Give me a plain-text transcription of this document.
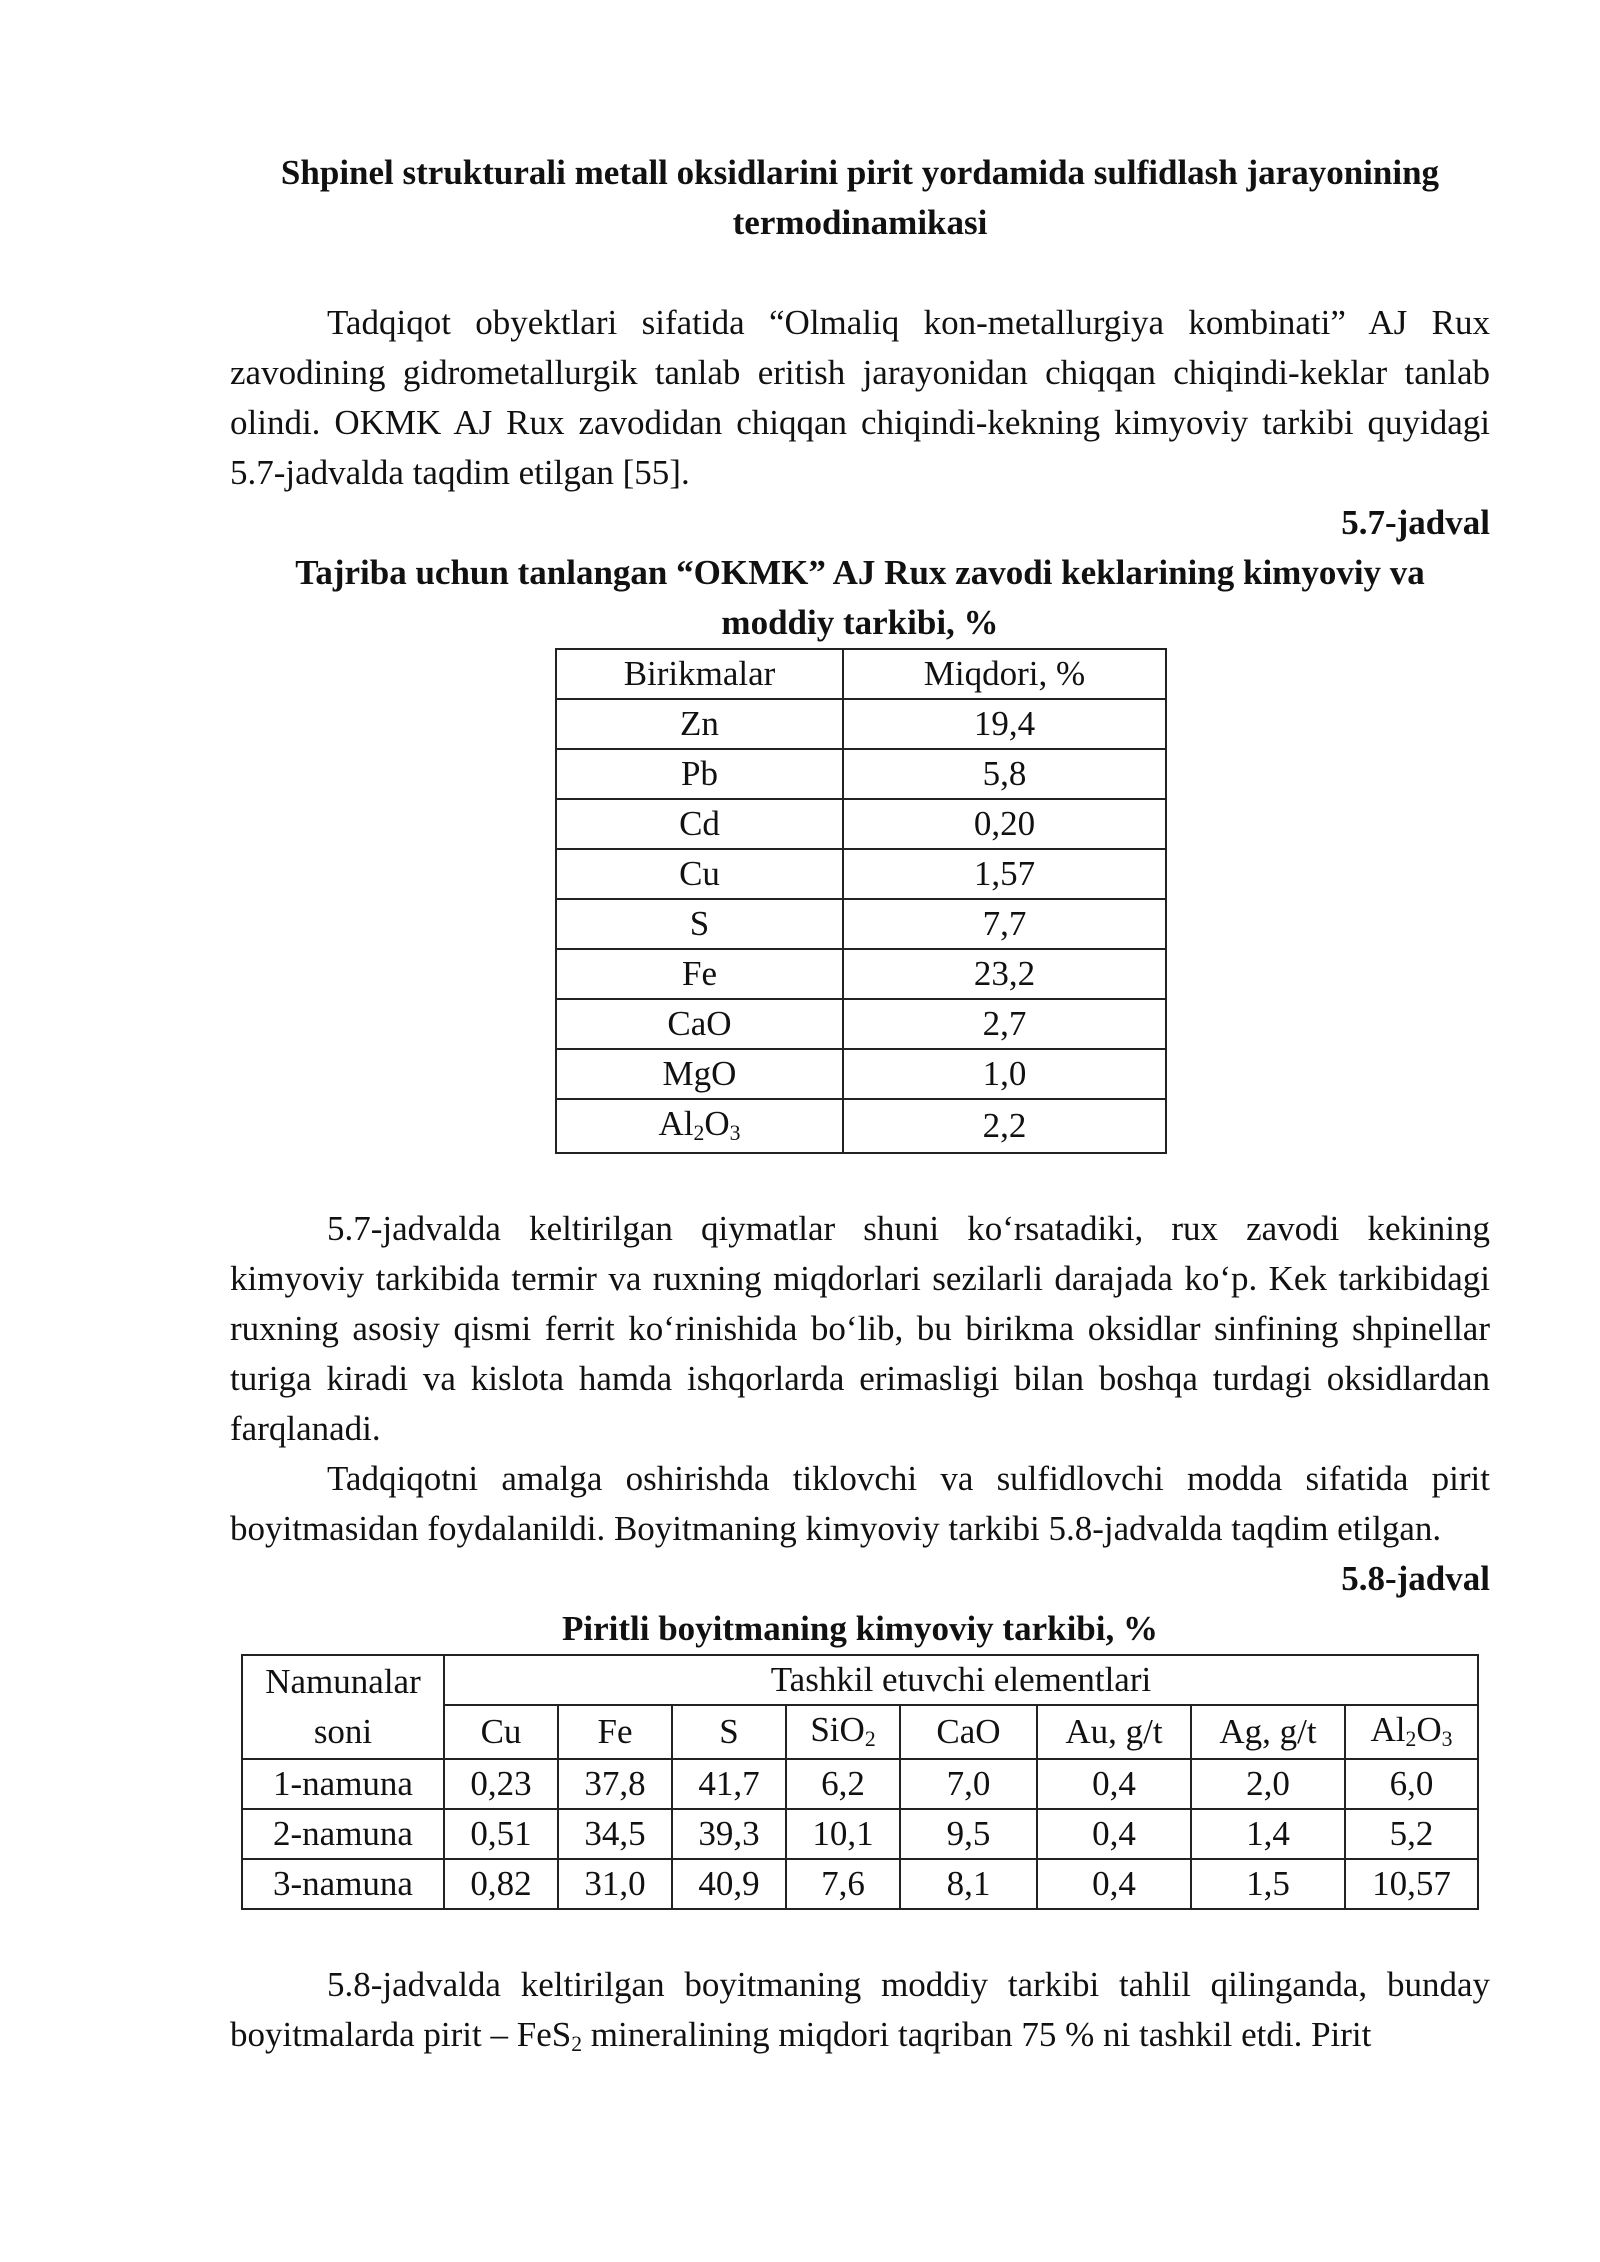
Shpinel strukturali metall oksidlarini pirit yordamida sulfidlash jarayonining
termodinamikasi

Tadqiqot obyektlari sifatida “Olmaliq kon-metallurgiya kombinati” AJ Rux zavodining gidrometallurgik tanlab eritish jarayonidan chiqqan chiqindi-keklar tanlab olindi. OKMK AJ Rux zavodidan chiqqan chiqindi-kekning kimyoviy tarkibi quyidagi 5.7-jadvalda taqdim etilgan [55].

5.7-jadval

Tajriba uchun tanlangan “OKMK” AJ Rux zavodi keklarining kimyoviy va
moddiy tarkibi, %

Birikmalar	Miqdori, %
Zn	19,4
Pb	5,8
Cd	0,20
Cu	1,57
S	7,7
Fe	23,2
CaO	2,7
MgO	1,0
$Al_2O_3$	2,2

5.7-jadvalda keltirilgan qiymatlar shuni ko‘rsatadiki, rux zavodi kekining kimyoviy tarkibida termir va ruxning miqdorlari sezilarli darajada ko‘p. Kek tarkibidagi ruxning asosiy qismi ferrit ko‘rinishida bo‘lib, bu birikma oksidlar sinfining shpinellar turiga kiradi va kislota hamda ishqorlarda erimasligi bilan boshqa turdagi oksidlardan farqlanadi.

Tadqiqotni amalga oshirishda tiklovchi va sulfidlovchi modda sifatida pirit boyitmasidan foydalanildi. Boyitmaning kimyoviy tarkibi 5.8-jadvalda taqdim etilgan.

5.8-jadval

Piritli boyitmaning kimyoviy tarkibi, %

Namunalar
soni	Tashkil etuvchi elementlari							
	Cu	Fe	S	SiO$_2$	CaO	Au, g/t	Ag, g/t	$Al_2O_3$
1-namuna	0,23	37,8	41,7	6,2	7,0	0,4	2,0	6,0
2-namuna	0,51	34,5	39,3	10,1	9,5	0,4	1,4	5,2
3-namuna	0,82	31,0	40,9	7,6	8,1	0,4	1,5	10,57

5.8-jadvalda keltirilgan boyitmaning moddiy tarkibi tahlil qilinganda, bunday boyitmalarda pirit – FeS$_2$ mineralining miqdori taqriban 75 % ni tashkil etdi. Pirit
